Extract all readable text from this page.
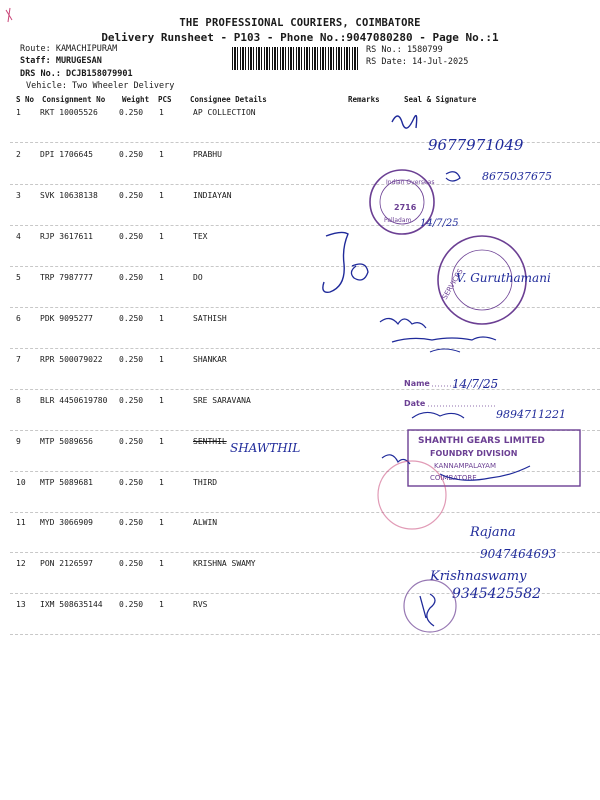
THE PROFESSIONAL COURIERS, COIMBATORE
Delivery Runsheet - P103 - Phone No.:9047080280 - Page No.:1
Route: KAMACHIPURAM
Staff: MURUGESAN
DRS No.: DCJB158079901
Vehicle: Two Wheeler Delivery
RS No.: 1580799
RS Date: 14-Jul-2025
S No Consignment No Weight PCS Consignee Details	Remarks	Seal & Signature
1 RKT 10005526	0.250 1	AP COLLECTION
2 DPI 1706645	0.250 1	PRABHU
3 SVK 10638138	0.250 1	INDIAYAN
4 RJP 3617611	0.250 1	TEX
5 TRP 7987777	0.250 1	DO
6 PDK 9095277	0.250 1	SATHISH
7 RPR 500079022 0.250 1	SHANKAR
8 BLR 4450619780 0.250 1	SRE SARAVANA
9 MTP 5089656	0.250 1	SENTHIL
10 MTP 5089681	0.250 1	THIRD
11 MYD 3066909	0.250 1	ALWIN
12 PON 2126597	0.250 1	KRISHNA SWAMY
13 IXM 508635144 0.250 1	RVS
9677971049
Indian Overseas
2716
Palladam
8675037675
14/7/25
SERVICES
V. Guruthamani
Name 14/7/25
Date
9894711221
SHAWTHIL	SHANTHI GEARS LIMITED
FOUNDRY DIVISION
KANNAMPALAYAM
COIMBATORE
Rajana
9047464693
Krishnaswamy
9345425582
